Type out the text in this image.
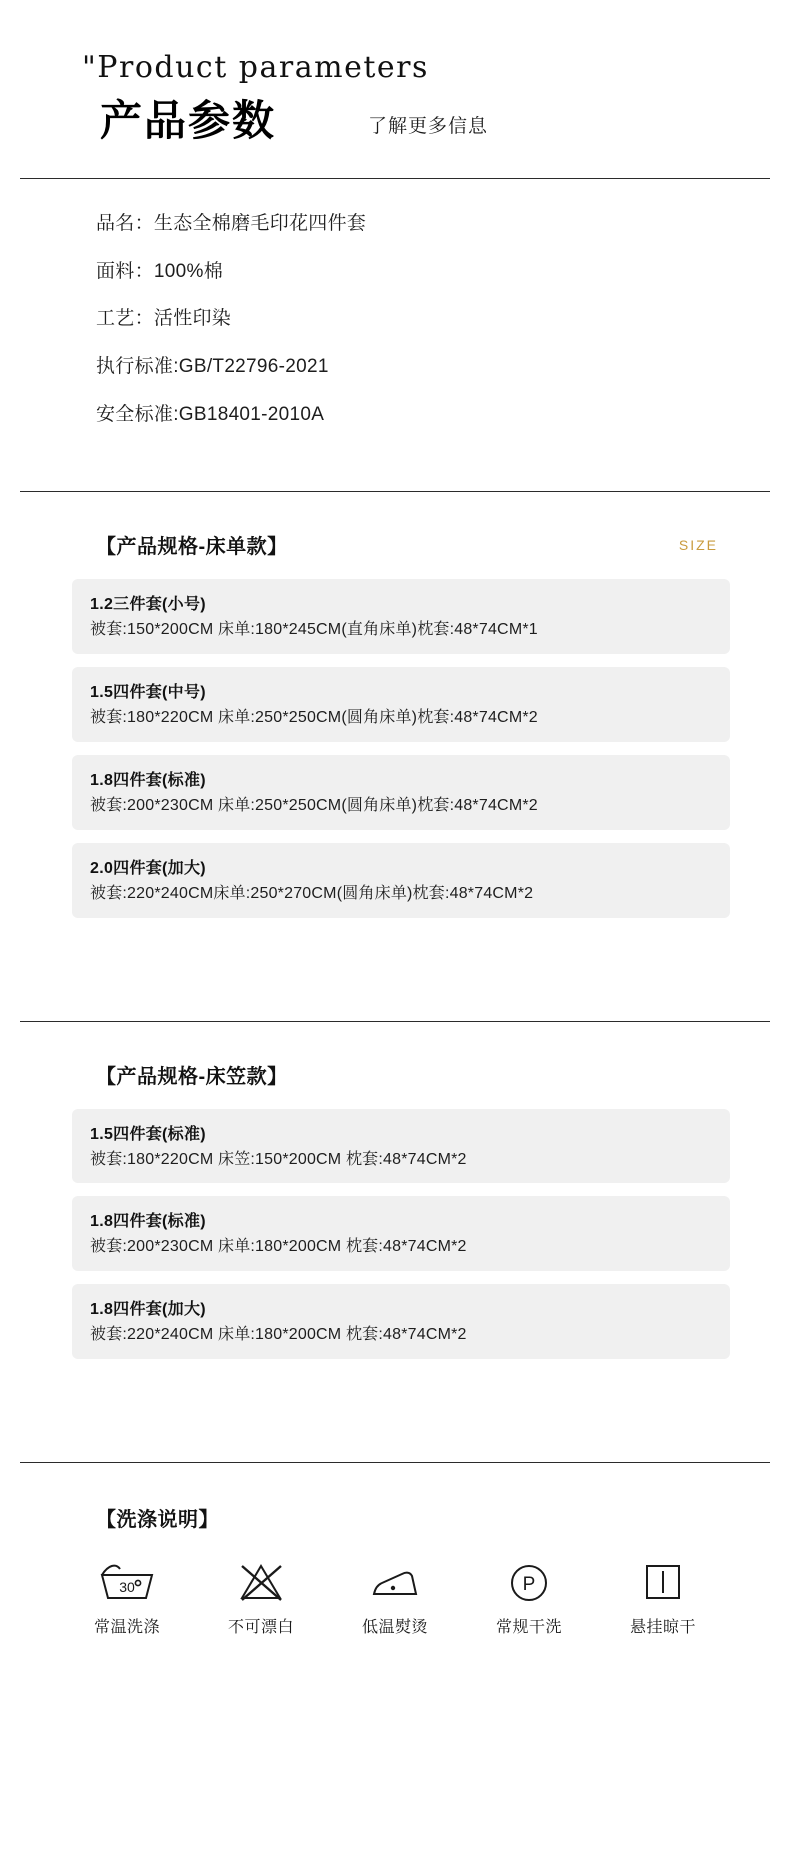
"Product parameters
产品参数	了解更多信息
品名：生态全棉磨毛印花四件套
面料：100%棉
工艺：活性印染
执行标准:GB/T22796-2021
安全标准:GB18401-2010A
【产品规格-床单款】	SIZE
1.2三件套(小号)
被套:150*200CM 床单:180*245CM(直角床单)枕套:48*74CM*1
1.5四件套(中号)
被套:180*220CM 床单:250*250CM(圆角床单)枕套:48*74CM*2
1.8四件套(标准)
被套:200*230CM 床单:250*250CM(圆角床单)枕套:48*74CM*2
2.0四件套(加大)
被套:220*240CM床单:250*270CM(圆角床单)枕套:48*74CM*2
【产品规格-床笠款】
1.5四件套(标准)
被套:180*220CM 床笠:150*200CM 枕套:48*74CM*2
1.8四件套(标准)
被套:200*230CM 床单:180*200CM 枕套:48*74CM*2
1.8四件套(加大)
被套:220*240CM 床单:180*200CM 枕套:48*74CM*2
【洗涤说明】
30
常温洗涤	不可漂白	低温熨烫
P
常规干洗	悬挂晾干
